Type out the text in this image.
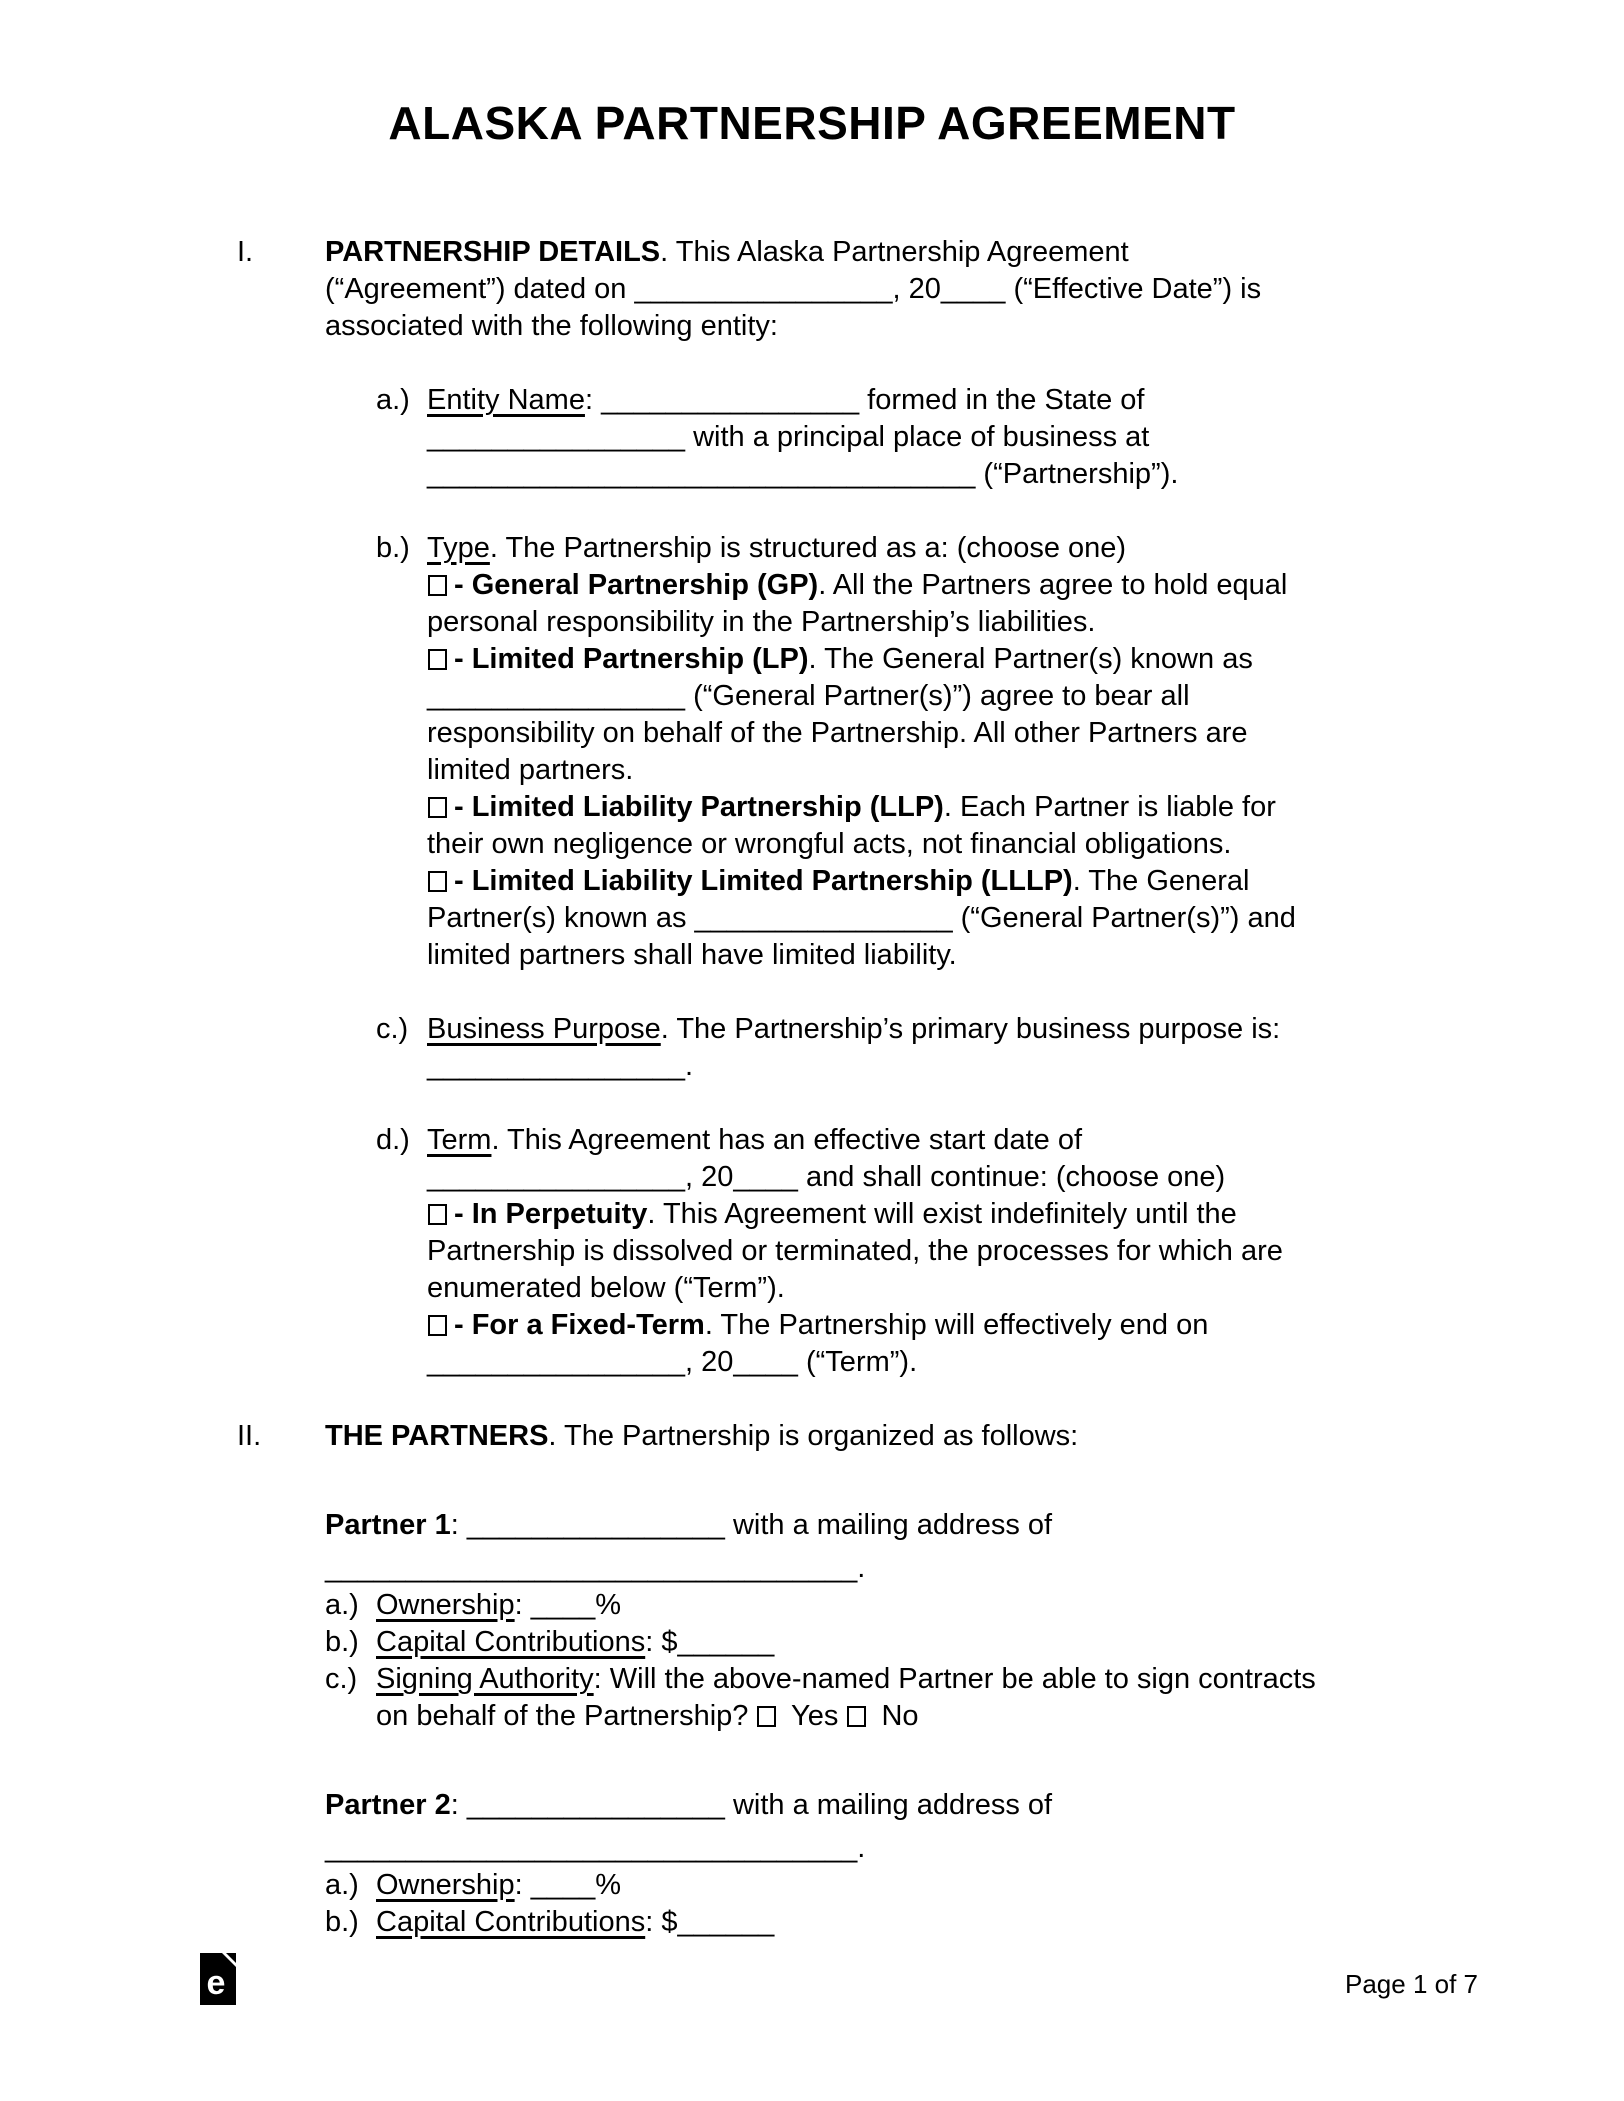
ALASKA PARTNERSHIP AGREEMENT
I. PARTNERSHIP DETAILS. This Alaska Partnership Agreement
(“Agreement”) dated on ________________, 20____ (“Effective Date”) is
associated with the following entity:
a.)Entity Name: ________________ formed in the State of
________________ with a principal place of business at
__________________________________ (“Partnership”).
b.)Type. The Partnership is structured as a: (choose one)
- General Partnership (GP). All the Partners agree to hold equal
personal responsibility in the Partnership’s liabilities.
- Limited Partnership (LP). The General Partner(s) known as
________________ (“General Partner(s)”) agree to bear all
responsibility on behalf of the Partnership. All other Partners are
limited partners.
- Limited Liability Partnership (LLP). Each Partner is liable for
their own negligence or wrongful acts, not financial obligations.
- Limited Liability Limited Partnership (LLLP). The General
Partner(s) known as ________________ (“General Partner(s)”) and
limited partners shall have limited liability.
c.)Business Purpose. The Partnership’s primary business purpose is:
________________.
d.)Term. This Agreement has an effective start date of
________________, 20____ and shall continue: (choose one)
- In Perpetuity. This Agreement will exist indefinitely until the
Partnership is dissolved or terminated, the processes for which are
enumerated below (“Term”).
- For a Fixed-Term. The Partnership will effectively end on
________________, 20____ (“Term”).
II. THE PARTNERS. The Partnership is organized as follows:
Partner 1: ________________ with a mailing address of
_________________________________.
a.)Ownership: ____%
b.)Capital Contributions: $______
c.)Signing Authority: Will the above-named Partner be able to sign contracts
on behalf of the Partnership?  Yes  No
Partner 2: ________________ with a mailing address of
_________________________________.
a.)Ownership: ____%
b.)Capital Contributions: $______
e	Page 1 of 7
